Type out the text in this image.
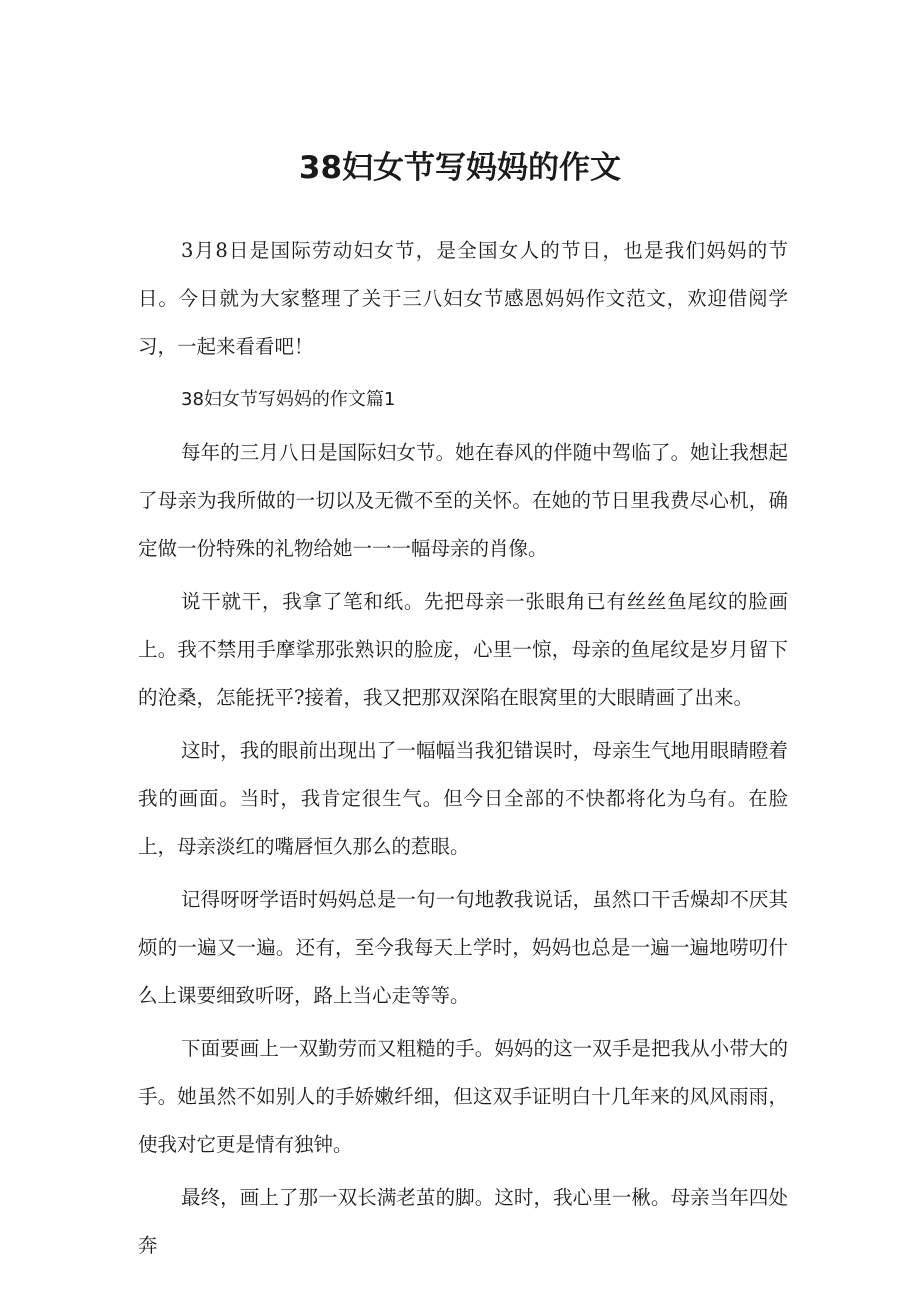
38妇女节写妈妈的作文

3月8日是国际劳动妇女节，是全国女人的节日，也是我们妈妈的节日。今日就为大家整理了关于三八妇女节感恩妈妈作文范文，欢迎借阅学习，一起来看看吧！

38妇女节写妈妈的作文篇1

每年的三月八日是国际妇女节。她在春风的伴随中驾临了。她让我想起了母亲为我所做的一切以及无微不至的关怀。在她的节日里我费尽心机，确定做一份特殊的礼物给她一一一幅母亲的肖像。

说干就干，我拿了笔和纸。先把母亲一张眼角已有丝丝鱼尾纹的脸画上。我不禁用手摩挲那张熟识的脸庞，心里一惊，母亲的鱼尾纹是岁月留下的沧桑，怎能抚平?接着，我又把那双深陷在眼窝里的大眼睛画了出来。

这时，我的眼前出现出了一幅幅当我犯错误时，母亲生气地用眼睛瞪着我的画面。当时，我肯定很生气。但今日全部的不快都将化为乌有。在脸上，母亲淡红的嘴唇恒久那么的惹眼。

记得呀呀学语时妈妈总是一句一句地教我说话，虽然口干舌燥却不厌其烦的一遍又一遍。还有，至今我每天上学时，妈妈也总是一遍一遍地唠叨什么上课要细致听呀，路上当心走等等。

下面要画上一双勤劳而又粗糙的手。妈妈的这一双手是把我从小带大的手。她虽然不如别人的手娇嫩纤细，但这双手证明白十几年来的风风雨雨，使我对它更是情有独钟。

最终，画上了那一双长满老茧的脚。这时，我心里一楸。母亲当年四处奔
